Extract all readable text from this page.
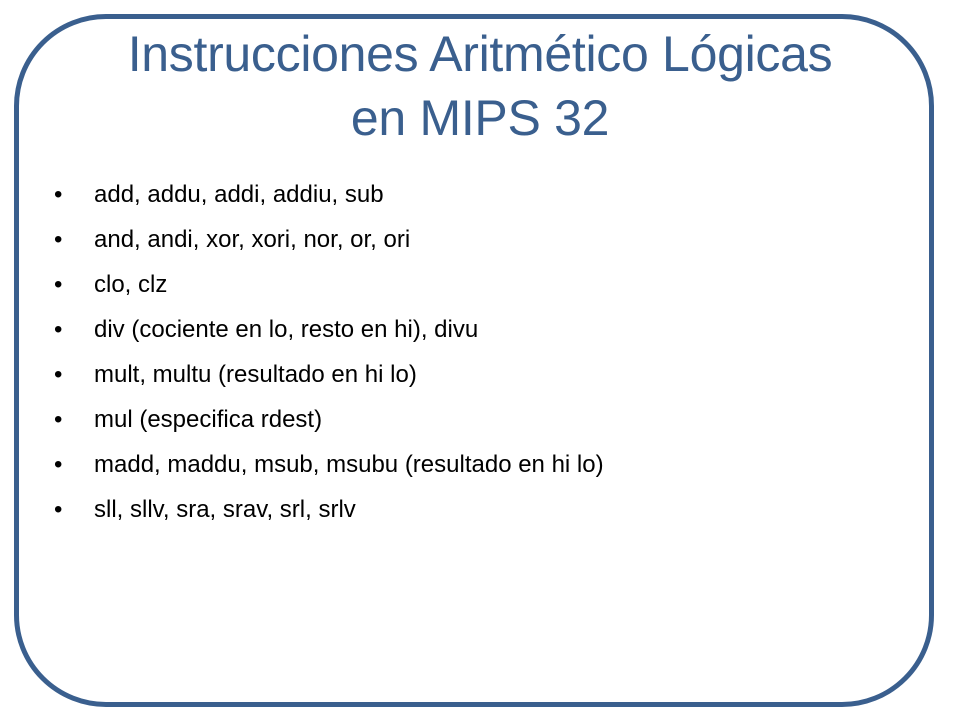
Instrucciones Aritmético Lógicas
en MIPS 32
•	add, addu, addi, addiu, sub
•	and, andi, xor, xori, nor, or, ori
•	clo, clz
•	div (cociente en lo, resto en hi), divu
•	mult, multu (resultado en hi lo)
•	mul (especifica rdest)
•	madd, maddu, msub, msubu (resultado en hi lo)
•	sll, sllv, sra, srav, srl, srlv
